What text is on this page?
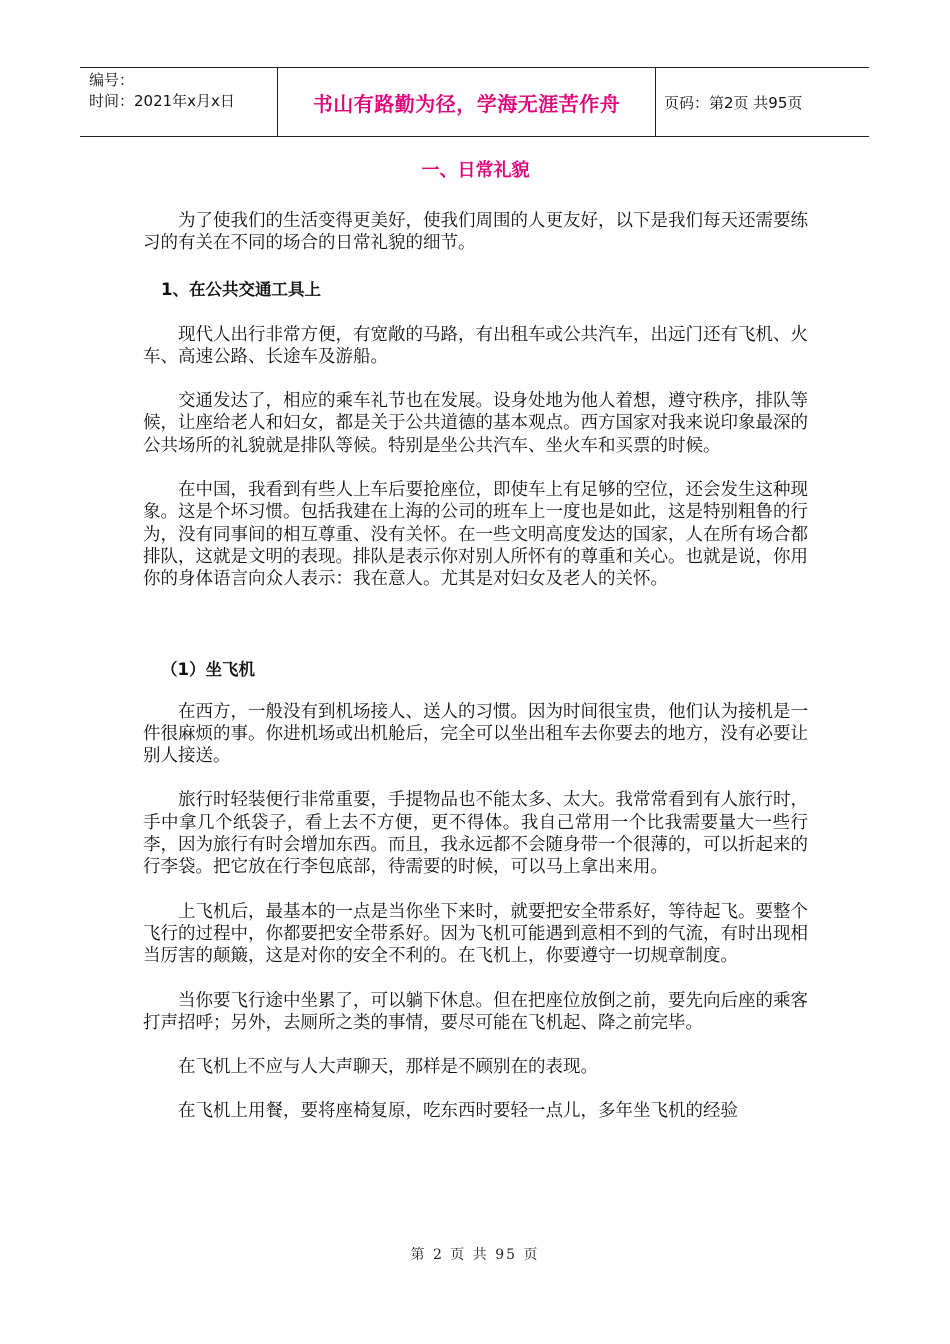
编号：
时间：2021年x月x日	书山有路勤为径，学海无涯苦作舟	页码：第2页 共95页
一、日常礼貌

为了使我们的生活变得更美好，使我们周围的人更友好，以下是我们每天还需要练习的有关在不同的场合的日常礼貌的细节。

1、在公共交通工具上

现代人出行非常方便，有宽敞的马路，有出租车或公共汽车，出远门还有飞机、火车、高速公路、长途车及游船。

交通发达了，相应的乘车礼节也在发展。设身处地为他人着想，遵守秩序，排队等候，让座给老人和妇女，都是关于公共道德的基本观点。西方国家对我来说印象最深的公共场所的礼貌就是排队等候。特别是坐公共汽车、坐火车和买票的时候。

在中国，我看到有些人上车后要抢座位，即使车上有足够的空位，还会发生这种现象。这是个坏习惯。包括我建在上海的公司的班车上一度也是如此，这是特别粗鲁的行为，没有同事间的相互尊重、没有关怀。在一些文明高度发达的国家，人在所有场合都排队，这就是文明的表现。排队是表示你对别人所怀有的尊重和关心。也就是说，你用你的身体语言向众人表示：我在意人。尤其是对妇女及老人的关怀。

（1）坐飞机

在西方，一般没有到机场接人、送人的习惯。因为时间很宝贵，他们认为接机是一件很麻烦的事。你进机场或出机舱后，完全可以坐出租车去你要去的地方，没有必要让别人接送。

旅行时轻装便行非常重要，手提物品也不能太多、太大。我常常看到有人旅行时，手中拿几个纸袋子，看上去不方便，更不得体。我自己常用一个比我需要量大一些行李，因为旅行有时会增加东西。而且，我永远都不会随身带一个很薄的，可以折起来的行李袋。把它放在行李包底部，待需要的时候，可以马上拿出来用。

上飞机后，最基本的一点是当你坐下来时，就要把安全带系好，等待起飞。要整个飞行的过程中，你都要把安全带系好。因为飞机可能遇到意相不到的气流，有时出现相当厉害的颠簸，这是对你的安全不利的。在飞机上，你要遵守一切规章制度。

当你要飞行途中坐累了，可以躺下休息。但在把座位放倒之前，要先向后座的乘客打声招呼；另外，去厕所之类的事情，要尽可能在飞机起、降之前完毕。

在飞机上不应与人大声聊天，那样是不顾别在的表现。

在飞机上用餐，要将座椅复原，吃东西时要轻一点儿，多年坐飞机的经验

第 2 页 共 95 页
